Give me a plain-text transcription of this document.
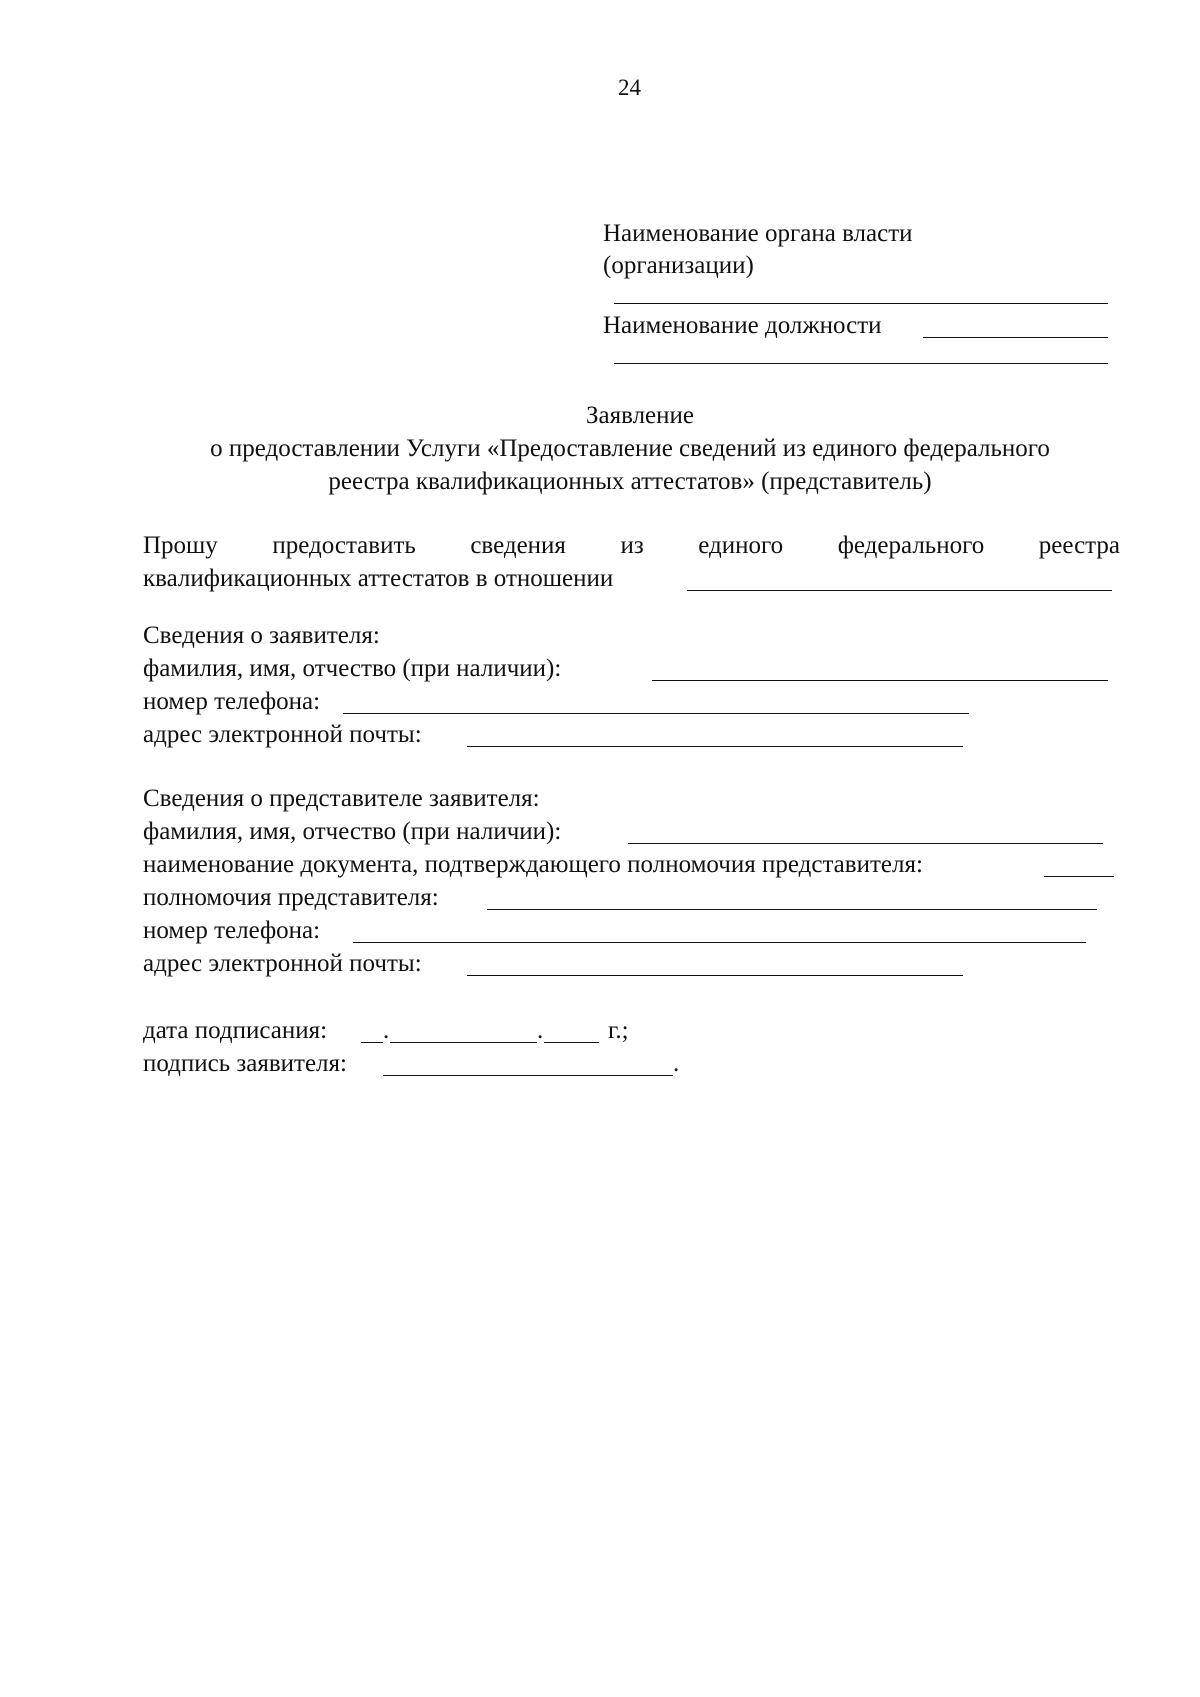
24
Наименование органа власти
(организации)
Наименование должности
Заявление
о предоставлении Услуги «Предоставление сведений из единого федерального
реестра квалификационных аттестатов» (представитель)
Прошу предоставить сведения из единого федерального реестра
квалификационных аттестатов в отношении
Сведения о заявителя:
фамилия, имя, отчество (при наличии):
номер телефона:
адрес электронной почты:
Сведения о представителе заявителя:
фамилия, имя, отчество (при наличии):
наименование документа, подтверждающего полномочия представителя:
полномочия представителя:
номер телефона:
адрес электронной почты:
дата подписания: .	.	г.;
подпись заявителя:	.
